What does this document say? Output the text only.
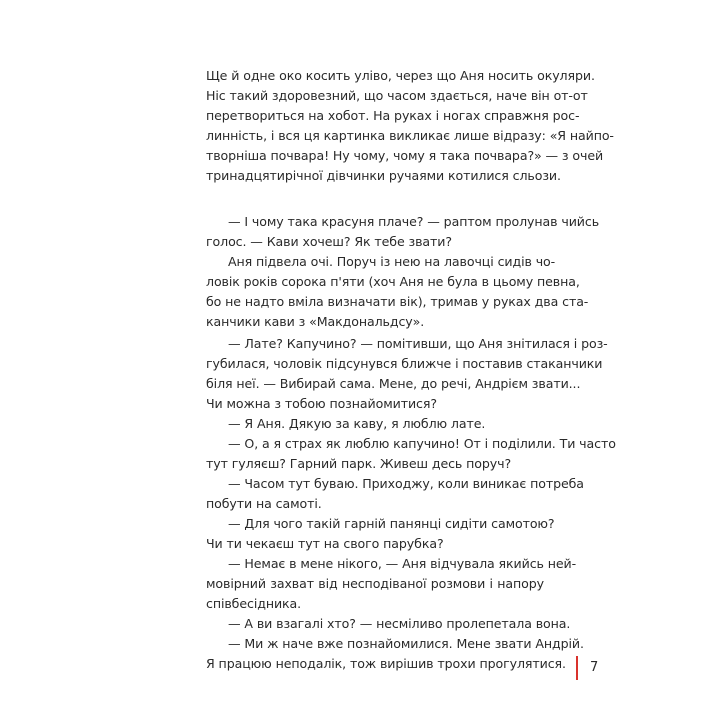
Ще й одне око косить уліво, через що Аня носить окуляри.
Ніс такий здоровезний, що часом здається, наче він от-от
перетвориться на хобот. На руках і ногах справжня рос-
линність, і вся ця картинка викликає лише відразу: «Я найпо-
творніша почвара! Ну чому, чому я така почвара?» — з очей
тринадцятирічної дівчинки ручаями котилися сльози.
— І чому така красуня плаче? — раптом пролунав чийсь
голос. — Кави хочеш? Як тебе звати?
Аня підвела очі. Поруч із нею на лавочці сидів чо-
ловік років сорока п'яти (хоч Аня не була в цьому певна,
бо не надто вміла визначати вік), тримав у руках два ста-
канчики кави з «Макдональдсу».
— Лате? Капучино? — помітивши, що Аня знітилася і роз-
губилася, чоловік підсунувся ближче і поставив стаканчики
біля неї. — Вибирай сама. Мене, до речі, Андрієм звати...
Чи можна з тобою познайомитися?
— Я Аня. Дякую за каву, я люблю лате.
— О, а я страх як люблю капучино! От і поділили. Ти часто
тут гуляєш? Гарний парк. Живеш десь поруч?
— Часом тут буваю. Приходжу, коли виникає потреба
побути на самоті.
— Для чого такій гарній панянці сидіти самотою?
Чи ти чекаєш тут на свого парубка?
— Немає в мене нікого, — Аня відчувала якийсь ней-
мовірний захват від несподіваної розмови і напору
співбесідника.
— А ви взагалі хто? — несміливо пролепетала вона.
— Ми ж наче вже познайомилися. Мене звати Андрій.
Я працюю неподалік, тож вирішив трохи прогулятися. 7
